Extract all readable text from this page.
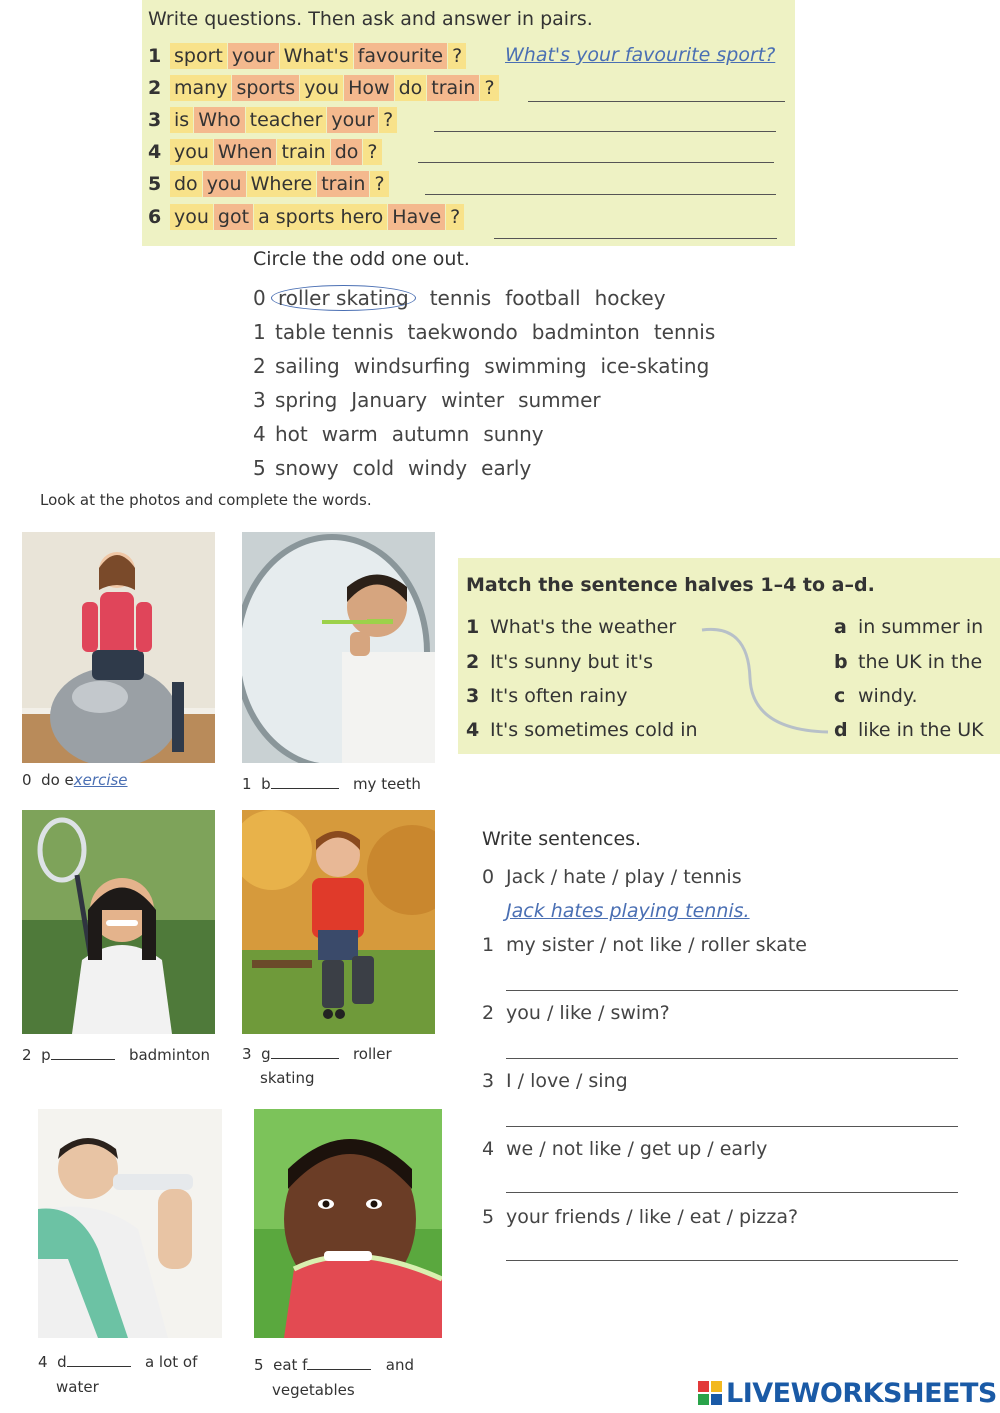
Write questions. Then ask and answer in pairs.
1 sport your What's favourite ? What's your favourite sport?
2 many sports you How do train ?
3 is Who teacher your ?
4 you When train do ?
5 do you Where train ?
6 you got a sports hero Have ?
Circle the odd one out.
0 roller skating tennis football hockey
1 table tennis taekwondo badminton tennis
2 sailing windsurfing swimming ice-skating
3 spring January winter summer
4 hot warm autumn sunny
5 snowy cold windy early
Look at the photos and complete the words.
0 do exercise	1 b	my teeth
2 p	badminton 3 g	roller
skating
4 d	a lot of
water
5 eat f	and
vegetables
Match the sentence halves 1–4 to a–d.
1 What's the weather
2 It's sunny but it's
3 It's often rainy
4 It's sometimes cold in
a in summer in
b the UK in the
c windy.
d like in the UK
Write sentences.
0 Jack / hate / play / tennis
Jack hates playing tennis.
1 my sister / not like / roller skate
2 you / like / swim?
3 I / love / sing
4 we / not like / get up / early
5 your friends / like / eat / pizza?
LIVEWORKSHEETS
